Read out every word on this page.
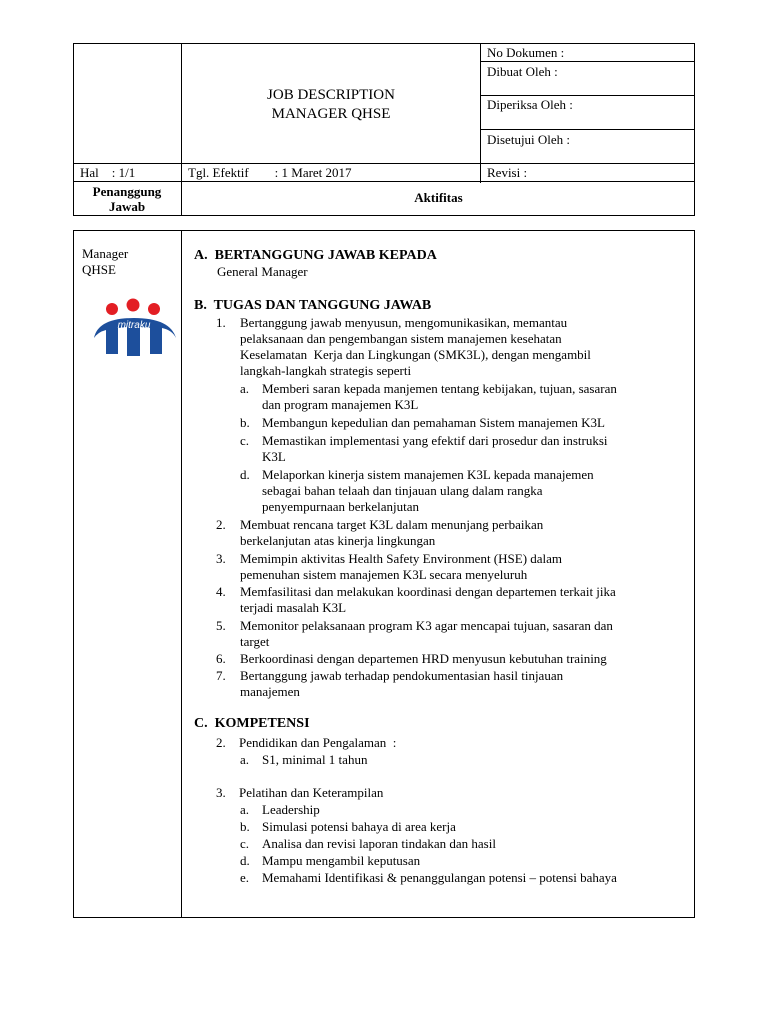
JOB DESCRIPTION
MANAGER QHSE
No Dokumen :
Dibuat Oleh :
Diperiksa Oleh :
Disetujui Oleh :
Hal    : 1/1	Tgl. Efektif        : 1 Maret 2017	Revisi :
Penanggung
Jawab
Aktifitas
Manager
QHSE
mitraku
A.  BERTANGGUNG JAWAB KEPADA
General Manager
B.  TUGAS DAN TANGGUNG JAWAB
1. Bertanggung jawab menyusun, mengomunikasikan, memantau
pelaksanaan dan pengembangan sistem manajemen kesehatan
Keselamatan  Kerja dan Lingkungan (SMK3L), dengan mengambil
langkah-langkah strategis seperti
a. Memberi saran kepada manjemen tentang kebijakan, tujuan, sasaran
dan program manajemen K3L
b. Membangun kepedulian dan pemahaman Sistem manajemen K3L
c. Memastikan implementasi yang efektif dari prosedur dan instruksi
K3L
d. Melaporkan kinerja sistem manajemen K3L kepada manajemen
sebagai bahan telaah dan tinjauan ulang dalam rangka
penyempurnaan berkelanjutan
2. Membuat rencana target K3L dalam menunjang perbaikan
berkelanjutan atas kinerja lingkungan
3. Memimpin aktivitas Health Safety Environment (HSE) dalam
pemenuhan sistem manajemen K3L secara menyeluruh
4. Memfasilitasi dan melakukan koordinasi dengan departemen terkait jika
terjadi masalah K3L
5. Memonitor pelaksanaan program K3 agar mencapai tujuan, sasaran dan
target
6. Berkoordinasi dengan departemen HRD menyusun kebutuhan training
7. Bertanggung jawab terhadap pendokumentasian hasil tinjauan
manajemen
C.  KOMPETENSI
2. Pendidikan dan Pengalaman  :
a. S1, minimal 1 tahun
3. Pelatihan dan Keterampilan
a. Leadership
b. Simulasi potensi bahaya di area kerja
c. Analisa dan revisi laporan tindakan dan hasil
d. Mampu mengambil keputusan
e. Memahami Identifikasi & penanggulangan potensi – potensi bahaya
